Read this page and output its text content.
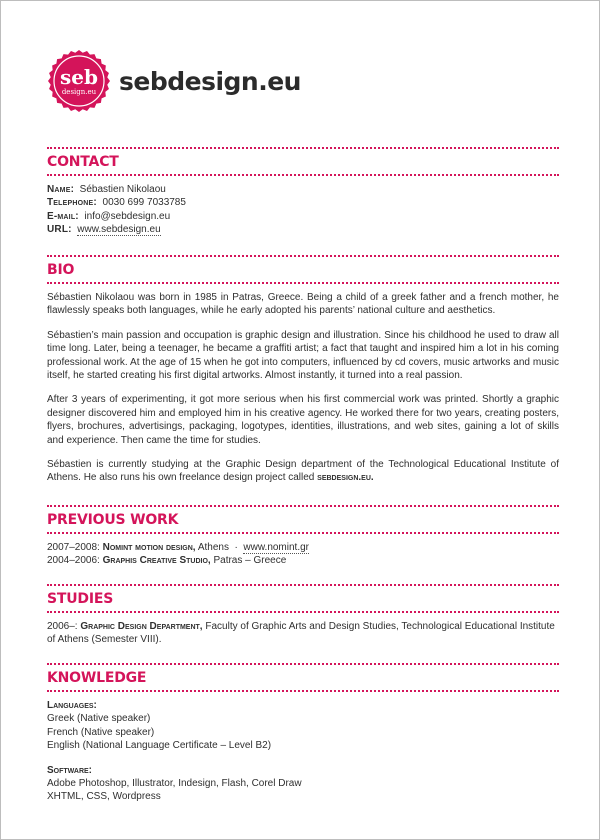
seb
design.eu sebdesign.eu
CONTACT
Name: Sébastien Nikolaou
Telephone: 0030 699 7033785
E-mail: info@sebdesign.eu
URL: www.sebdesign.eu
BIO

Sébastien Nikolaou was born in 1985 in Patras, Greece. Being a child of a greek father and a french mother, he flawlessly speaks both languages, while he early adopted his parents’ national culture and aesthetics.

Sébastien’s main passion and occupation is graphic design and illustration. Since his childhood he used to draw all time long. Later, being a teenager, he became a graffiti artist; a fact that taught and inspired him a lot in his coming professional work. At the age of 15 when he got into computers, influenced by cd covers, music artworks and music itself, he started creating his first digital artworks. Almost instantly, it turned into a real passion.

After 3 years of experimenting, it got more serious when his first commercial work was printed. Shortly a graphic designer discovered him and employed him in his creative agency. He worked there for two years, creating posters, flyers, brochures, advertisings, packaging, logotypes, identities, illustrations, and web sites, gaining a lot of skills and experience. Then came the time for studies.

Sébastien is currently studying at the Graphic Design department of the Technological Educational Institute of Athens. He also runs his own freelance design project called sebdesign.eu.

PREVIOUS WORK
2007–2008: Nomint motion design, Athens · www.nomint.gr
2004–2006: Graphis Creative Studio, Patras – Greece
STUDIES

2006–: Graphic Design Department, Faculty of Graphic Arts and Design Studies, Technological Educational Institute of Athens (Semester VIII).

KNOWLEDGE
Languages:
Greek (Native speaker)
French (Native speaker)
English (National Language Certificate – Level B2)
Software:
Adobe Photoshop, Illustrator, Indesign, Flash, Corel Draw
XHTML, CSS, Wordpress
